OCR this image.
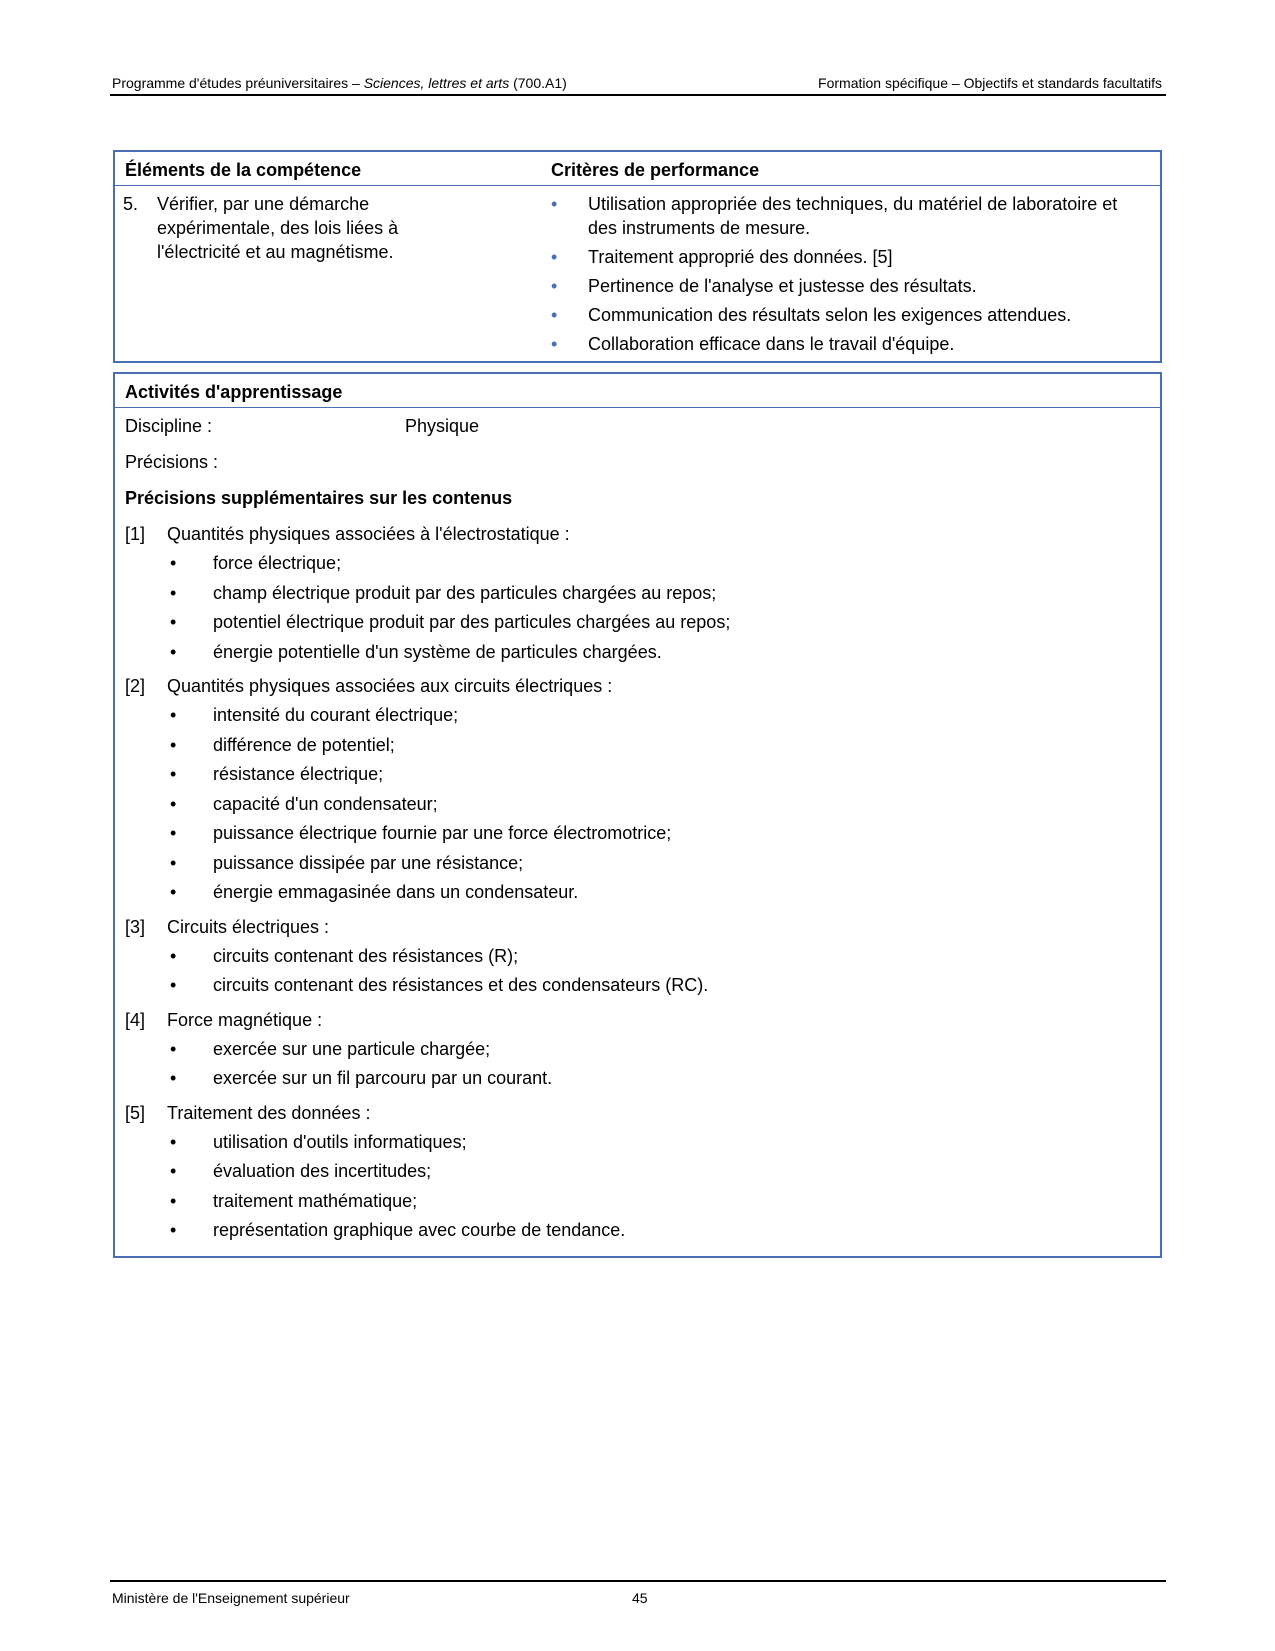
Programme d'études préuniversitaires – Sciences, lettres et arts (700.A1)	Formation spécifique – Objectifs et standards facultatifs
Éléments de la compétence	Critères de performance
5. Vérifier, par une démarche expérimentale, des lois liées à l'électricité et au magnétisme.
• Utilisation appropriée des techniques, du matériel de laboratoire et des instruments de mesure.
• Traitement approprié des données. [5]
• Pertinence de l'analyse et justesse des résultats.
• Communication des résultats selon les exigences attendues.
• Collaboration efficace dans le travail d'équipe.
Activités d'apprentissage
Discipline :	Physique
Précisions :
Précisions supplémentaires sur les contenus
[1] Quantités physiques associées à l'électrostatique :
• force électrique;
• champ électrique produit par des particules chargées au repos;
• potentiel électrique produit par des particules chargées au repos;
• énergie potentielle d'un système de particules chargées.
[2] Quantités physiques associées aux circuits électriques :
• intensité du courant électrique;
• différence de potentiel;
• résistance électrique;
• capacité d'un condensateur;
• puissance électrique fournie par une force électromotrice;
• puissance dissipée par une résistance;
• énergie emmagasinée dans un condensateur.
[3] Circuits électriques :
• circuits contenant des résistances (R);
• circuits contenant des résistances et des condensateurs (RC).
[4] Force magnétique :
• exercée sur une particule chargée;
• exercée sur un fil parcouru par un courant.
[5] Traitement des données :
• utilisation d'outils informatiques;
• évaluation des incertitudes;
• traitement mathématique;
• représentation graphique avec courbe de tendance.
Ministère de l'Enseignement supérieur	45
